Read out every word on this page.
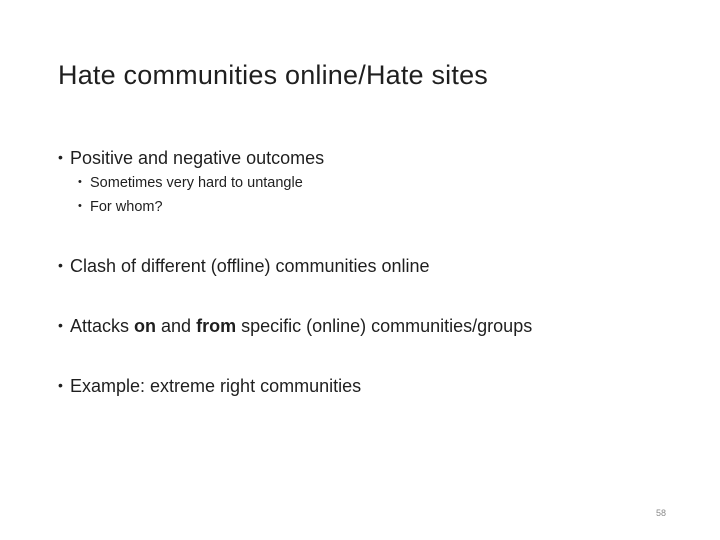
Hate communities online/Hate sites
• Positive and negative outcomes
• Sometimes very hard to untangle
• For whom?
• Clash of different (offline) communities online
• Attacks on and from specific (online) communities/groups
• Example: extreme right communities
58
